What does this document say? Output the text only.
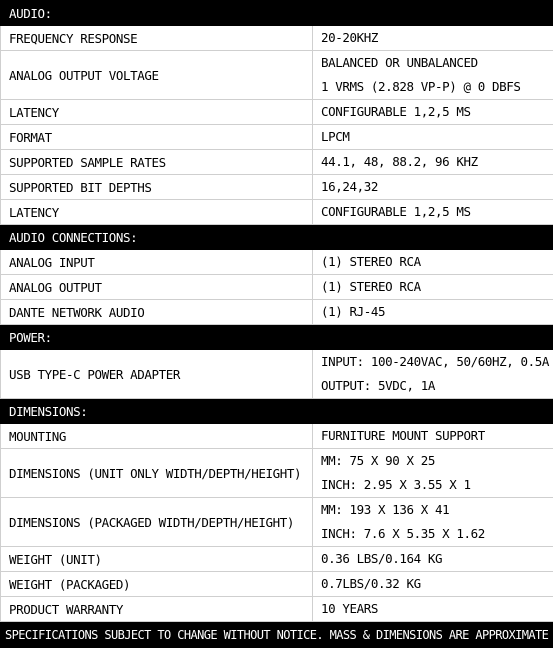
AUDIO:	
FREQUENCY RESPONSE	20-20KHZ

ANALOG OUTPUT VOLTAGE	BALANCED OR UNBALANCED
1 VRMS (2.828 VP-P) @ 0 DBFS

LATENCY	CONFIGURABLE 1,2,5 MS

FORMAT	LPCM

SUPPORTED SAMPLE RATES	44.1, 48, 88.2, 96 KHZ

SUPPORTED BIT DEPTHS	16,24,32

LATENCY	CONFIGURABLE 1,2,5 MS

AUDIO CONNECTIONS:	
ANALOG INPUT	(1) STEREO RCA

ANALOG OUTPUT	(1) STEREO RCA

DANTE NETWORK AUDIO	(1) RJ-45

POWER:	
USB TYPE-C POWER ADAPTER	INPUT: 100-240VAC, 50/60HZ, 0.5A
OUTPUT: 5VDC, 1A

DIMENSIONS:	
MOUNTING	FURNITURE MOUNT SUPPORT

DIMENSIONS (UNIT ONLY WIDTH/DEPTH/HEIGHT)	MM: 75 X 90 X 25
INCH: 2.95 X 3.55 X 1

DIMENSIONS (PACKAGED WIDTH/DEPTH/HEIGHT)	MM: 193 X 136 X 41
INCH: 7.6 X 5.35 X 1.62

WEIGHT (UNIT)	0.36 LBS/0.164 KG

WEIGHT (PACKAGED)	0.7LBS/0.32 KG

PRODUCT WARRANTY	10 YEARS

SPECIFICATIONS SUBJECT TO CHANGE WITHOUT NOTICE. MASS & DIMENSIONS ARE APPROXIMATE	
